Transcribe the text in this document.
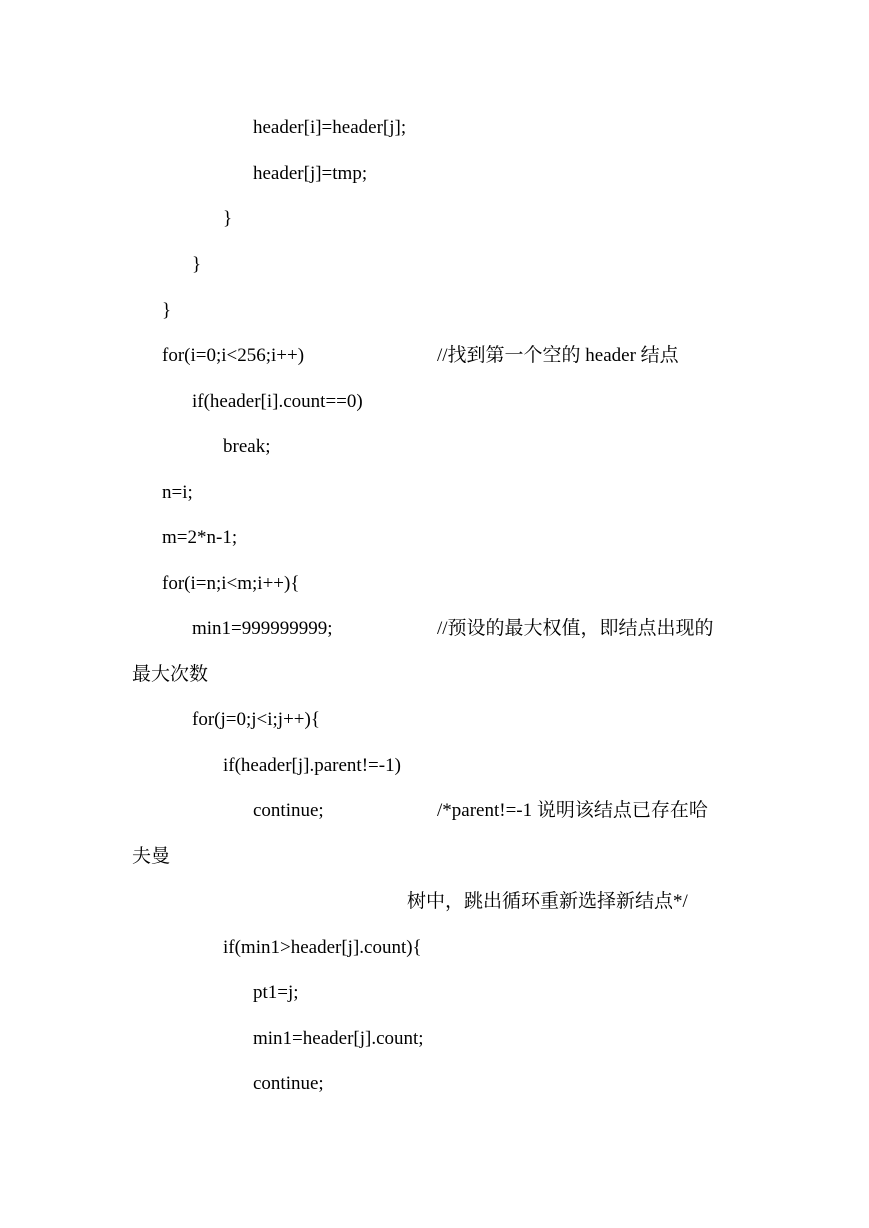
header[i]=header[j];
header[j]=tmp;
}
}
}
for(i=0;i<256;i++)	//找到第一个空的 header 结点
if(header[i].count==0)
break;
n=i;
m=2*n-1;
for(i=n;i<m;i++){
min1=999999999;	//预设的最大权值，即结点出现的
最大次数
for(j=0;j<i;j++){
if(header[j].parent!=-1)
continue;	/*parent!=-1 说明该结点已存在哈
夫曼
树中，跳出循环重新选择新结点*/
if(min1>header[j].count){
pt1=j;
min1=header[j].count;
continue;
